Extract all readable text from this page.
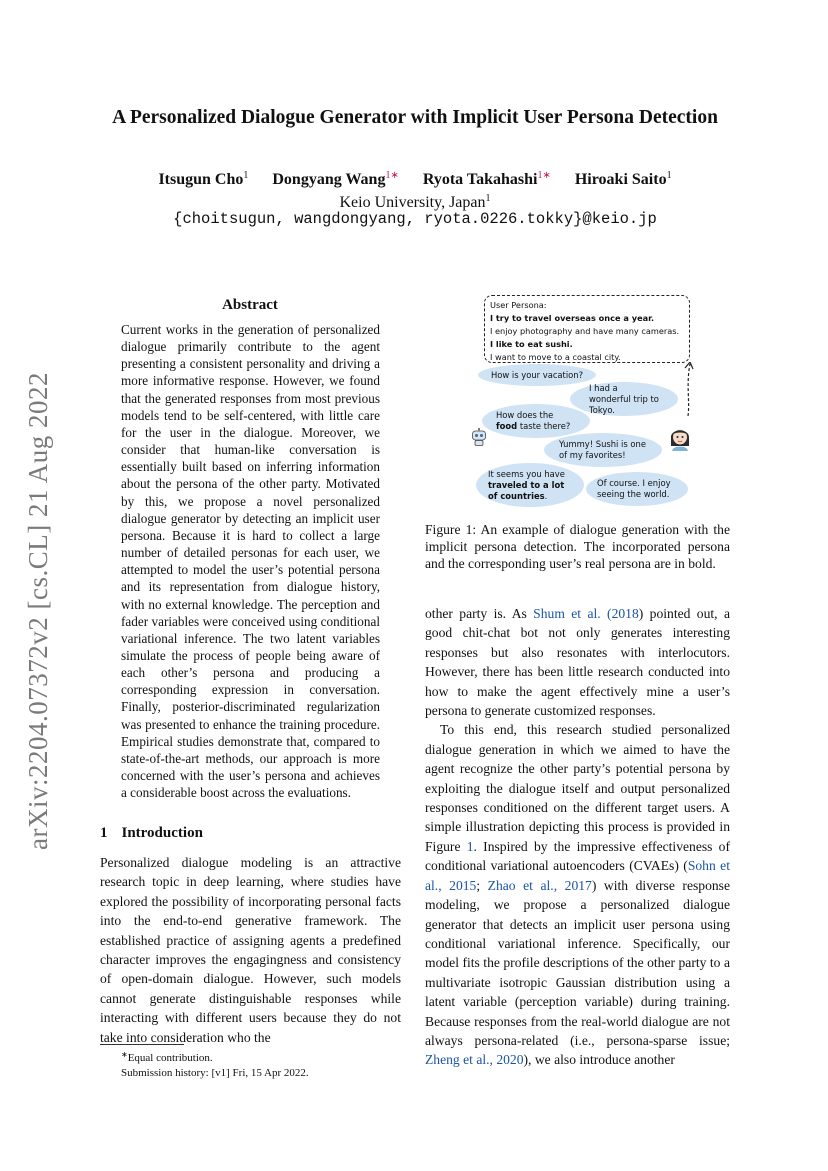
arXiv:2204.07372v2 [cs.CL] 21 Aug 2022
A Personalized Dialogue Generator with Implicit User Persona Detection
Itsugun Cho$^1$ Dongyang Wang$^{1∗}$ Ryota Takahashi$^{1∗}$ Hiroaki Saito$^1$
Keio University, Japan$^1$
{choitsugun, wangdongyang, ryota.0226.tokky}@keio.jp
Abstract
Current works in the generation of personalized dialogue primarily contribute to the agent presenting a consistent personality and driving a more informative response. However, we found that the generated responses from most previous models tend to be self-centered, with little care for the user in the dialogue. Moreover, we consider that human-like conversation is essentially built based on inferring information about the persona of the other party. Motivated by this, we propose a novel personalized dialogue generator by detecting an implicit user persona. Because it is hard to collect a large number of detailed personas for each user, we attempted to model the user’s potential persona and its representation from dialogue history, with no external knowledge. The perception and fader variables were conceived using conditional variational inference. The two latent variables simulate the process of people being aware of each other’s persona and producing a corresponding expression in conversation. Finally, posterior-discriminated regularization was presented to enhance the training procedure. Empirical studies demonstrate that, compared to state-of-the-art methods, our approach is more concerned with the user’s persona and achieves a considerable boost across the evaluations.
1 Introduction
Personalized dialogue modeling is an attractive research topic in deep learning, where studies have explored the possibility of incorporating personal facts into the end-to-end generative framework. The established practice of assigning agents a predefined character improves the engagingness and consistency of open-domain dialogue. However, such models cannot generate distinguishable responses while interacting with different users because they do not take into consideration who the
∗Equal contribution.
Submission history: [v1] Fri, 15 Apr 2022.
User Persona:
I try to travel overseas once a year.
I enjoy photography and have many cameras.
I like to eat sushi.
I want to move to a coastal city.
How is your vacation?
I had a wonderful trip to Tokyo.
How does the food taste there?
Yummy! Sushi is one of my favorites!
It seems you have traveled to a lot of countries.
Of course. I enjoy seeing the world.
Figure 1: An example of dialogue generation with the implicit persona detection. The incorporated persona and the corresponding user’s real persona are in bold.

other party is. As Shum et al. (2018) pointed out, a good chit-chat bot not only generates interesting responses but also resonates with interlocutors. However, there has been little research conducted into how to make the agent effectively mine a user’s persona to generate customized responses.

To this end, this research studied personalized dialogue generation in which we aimed to have the agent recognize the other party’s potential persona by exploiting the dialogue itself and output personalized responses conditioned on the different target users. A simple illustration depicting this process is provided in Figure 1. Inspired by the impressive effectiveness of conditional variational autoencoders (CVAEs) (Sohn et al., 2015; Zhao et al., 2017) with diverse response modeling, we propose a personalized dialogue generator that detects an implicit user persona using conditional variational inference. Specifically, our model fits the profile descriptions of the other party to a multivariate isotropic Gaussian distribution using a latent variable (perception variable) during training. Because responses from the real-world dialogue are not always persona-related (i.e., persona-sparse issue; Zheng et al., 2020), we also introduce another
